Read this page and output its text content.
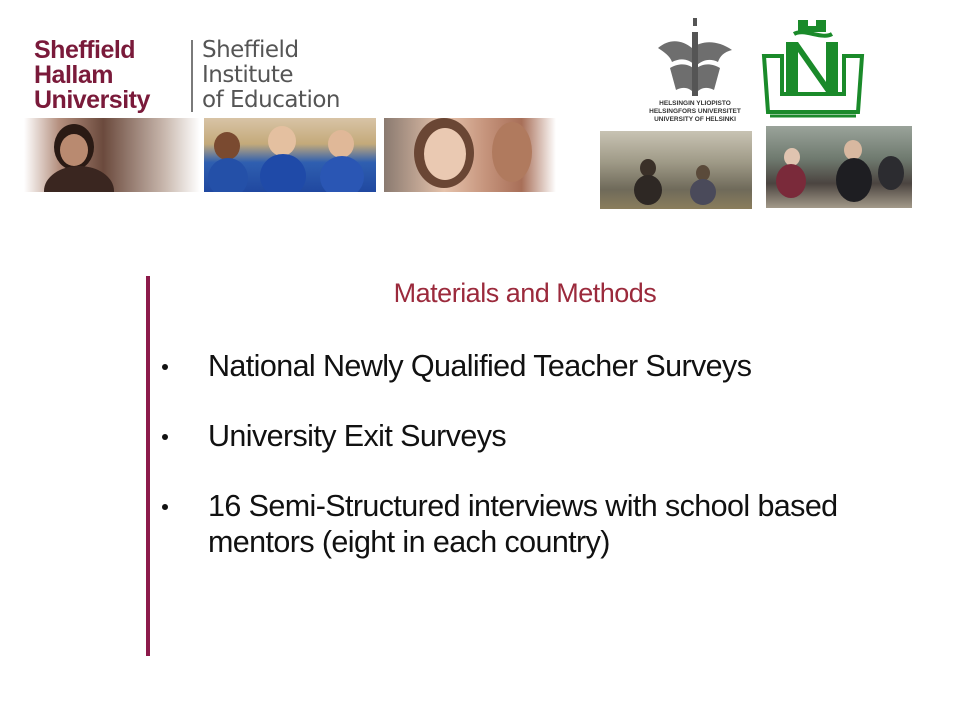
Sheffield
Hallam
University
Sheffield
Institute
of Education	HELSINGIN YLIOPISTO
HELSINGFORS UNIVERSITET
UNIVERSITY OF HELSINKI
Materials and Methods
National Newly Qualified Teacher Surveys
University Exit Surveys
16 Semi-Structured interviews with school based mentors (eight in each country)
